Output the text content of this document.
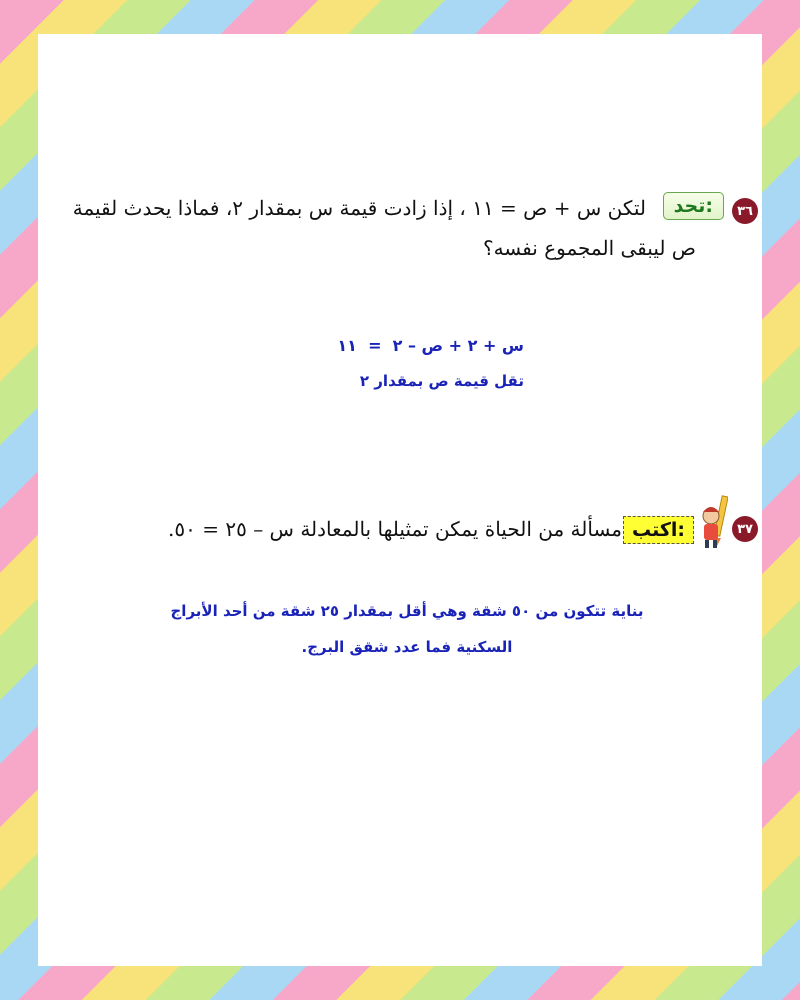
٣٦
تحد:
لتكن س + ص = ١١ ، إذا زادت قيمة س بمقدار ٢، فماذا يحدث لقيمة
ص ليبقى المجموع نفسه؟
س + ٢ + ص – ٢  =  ١١
تقل قيمة ص بمقدار ٢
٣٧
اكتب:
مسألة من الحياة يمكن تمثيلها بالمعادلة س – ٢٥ = ٥٠.
بناية تتكون من ٥٠ شقة وهي أقل بمقدار ٢٥ شقة من أحد الأبراج
السكنية فما عدد شقق البرج.
